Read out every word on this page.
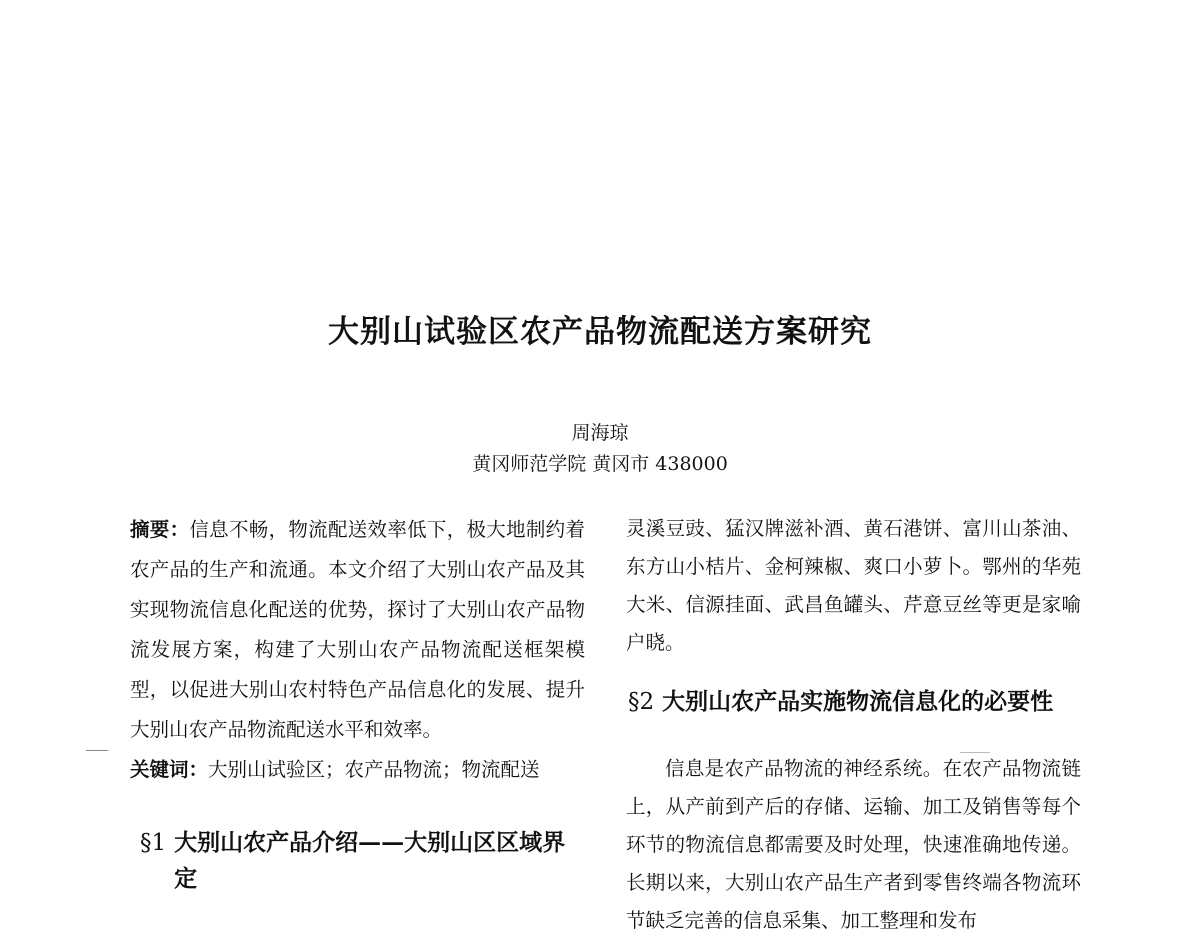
大别山试验区农产品物流配送方案研究
周海琼
黄冈师范学院 黄冈市 438000

摘要：信息不畅，物流配送效率低下，极大地制约着农产品的生产和流通。本文介绍了大别山农产品及其实现物流信息化配送的优势，探讨了大别山农产品物流发展方案，构建了大别山农产品物流配送框架模型，以促进大别山农村特色产品信息化的发展、提升大别山农产品物流配送水平和效率。

关键词：大别山试验区；农产品物流；物流配送

§1 大别山农产品介绍——大别山区区域界定

灵溪豆豉、猛汉牌滋补酒、黄石港饼、富川山茶油、东方山小桔片、金柯辣椒、爽口小萝卜。鄂州的华苑大米、信源挂面、武昌鱼罐头、芹意豆丝等更是家喻户晓。

§2 大别山农产品实施物流信息化的必要性

信息是农产品物流的神经系统。在农产品物流链上，从产前到产后的存储、运输、加工及销售等每个环节的物流信息都需要及时处理，快速准确地传递。长期以来，大别山农产品生产者到零售终端各物流环节缺乏完善的信息采集、加工整理和发布
